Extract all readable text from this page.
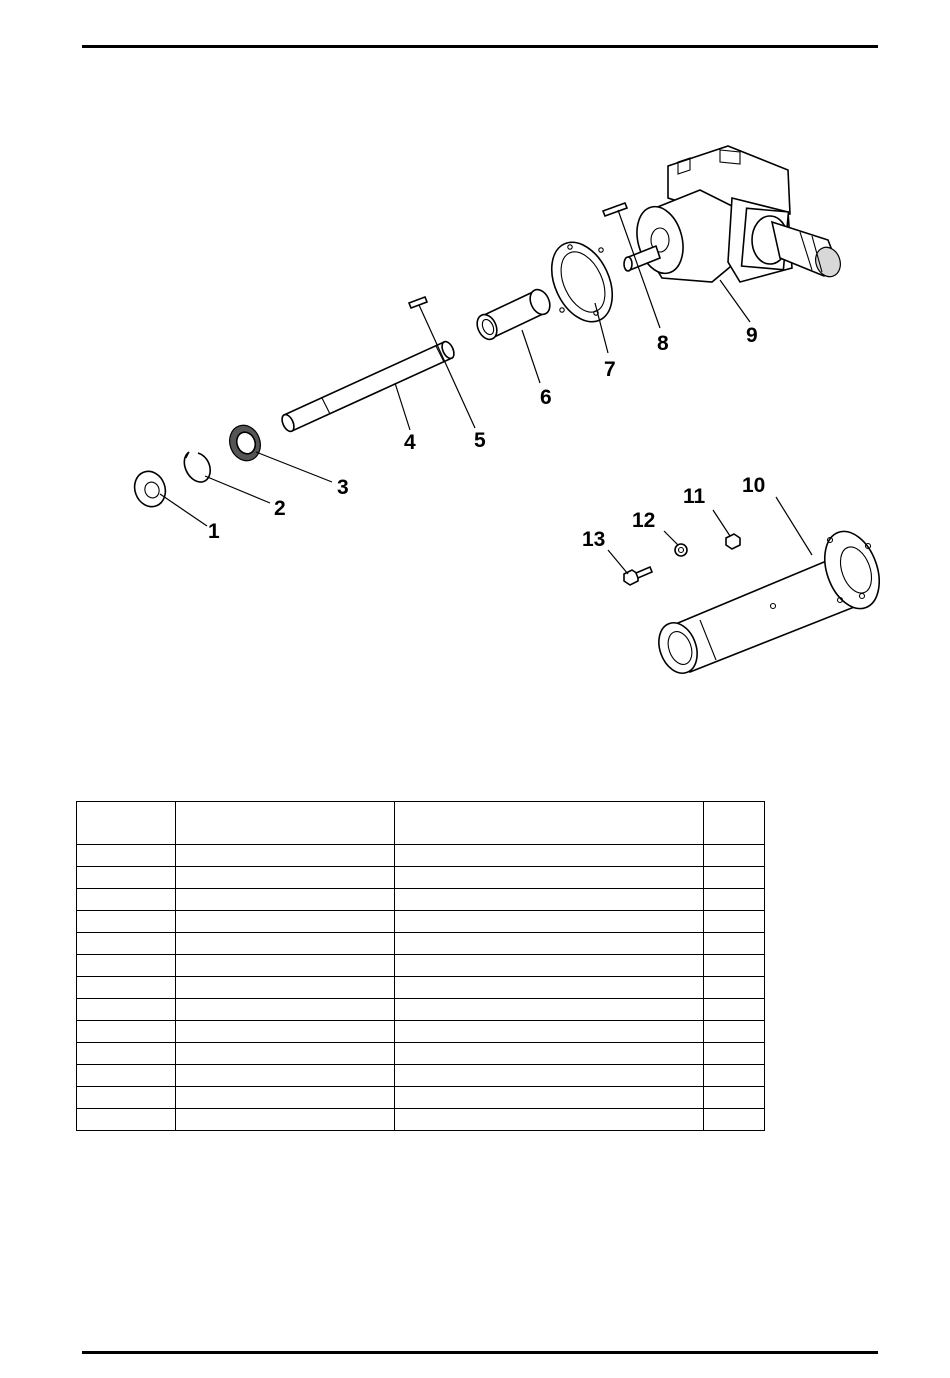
1
2
3
4	5
6
7
8	9
10
11
12
13
